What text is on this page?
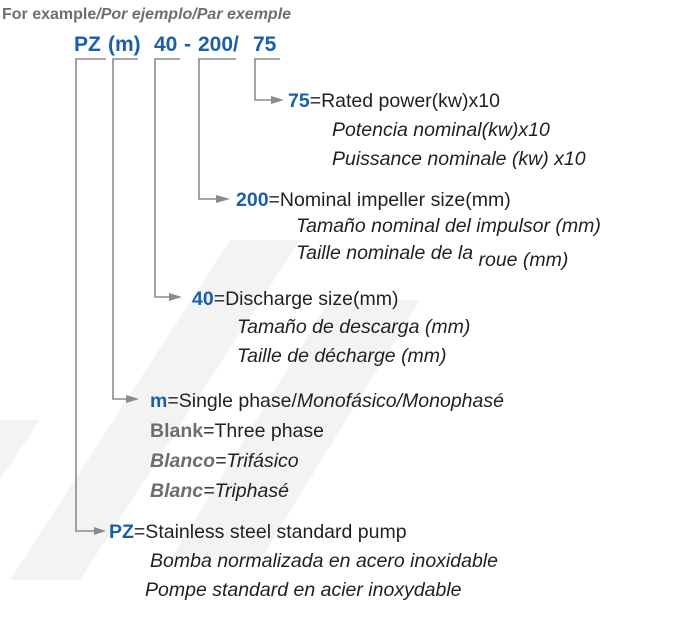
For example/Por ejemplo/Par exemple
PZ (m) 40 - 200/ 75
75=Rated power(kw)x10
Potencia nominal(kw)x10
Puissance nominale (kw) x10
200=Nominal impeller size(mm)
Tamaño nominal del impulsor (mm)
Taille nominale de la roue (mm)
40=Discharge size(mm)
Tamaño de descarga (mm)
Taille de décharge (mm)
m=Single phase/Monofásico/Monophasé
Blank=Three phase
Blanco=Trifásico
Blanc=Triphasé
PZ=Stainless steel standard pump
Bomba normalizada en acero inoxidable
Pompe standard en acier inoxydable
